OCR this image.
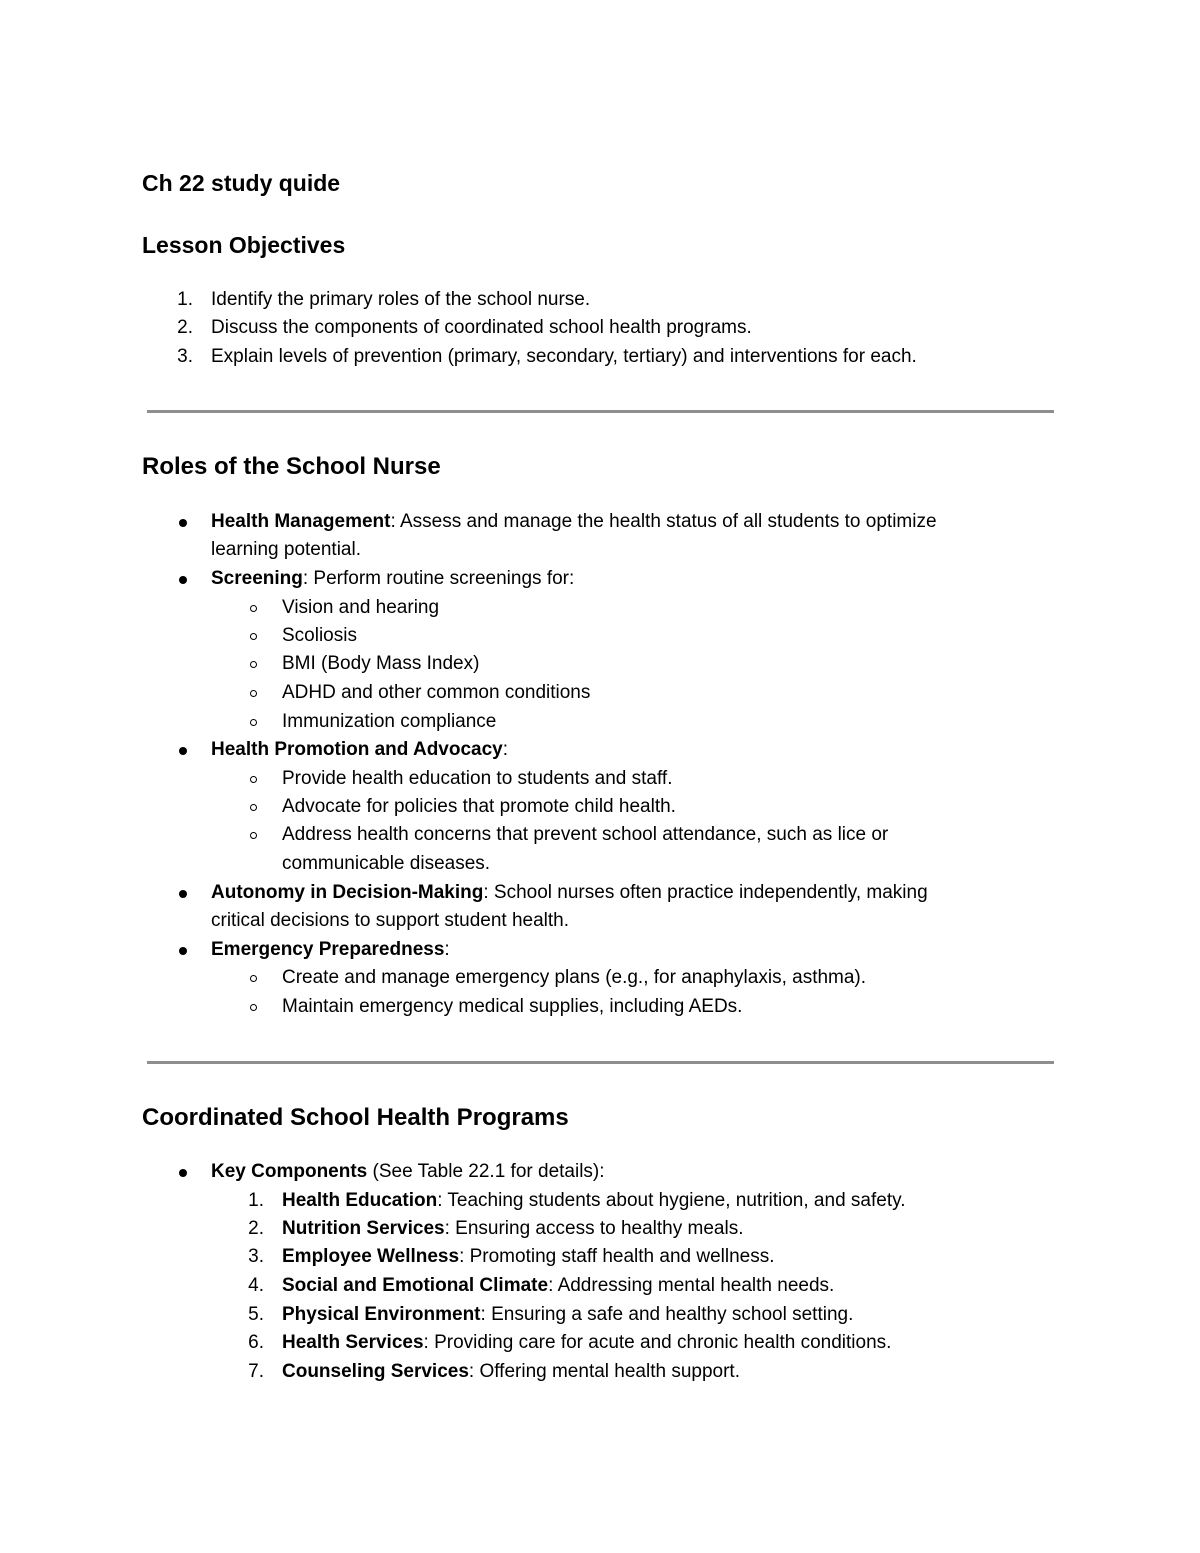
Ch 22 study quide
Lesson Objectives
1. Identify the primary roles of the school nurse.
2. Discuss the components of coordinated school health programs.
3. Explain levels of prevention (primary, secondary, tertiary) and interventions for each.
Roles of the School Nurse
Health Management: Assess and manage the health status of all students to optimize
learning potential.
Screening: Perform routine screenings for:
Vision and hearing
Scoliosis
BMI (Body Mass Index)
ADHD and other common conditions
Immunization compliance
Health Promotion and Advocacy:
Provide health education to students and staff.
Advocate for policies that promote child health.
Address health concerns that prevent school attendance, such as lice or
communicable diseases.
Autonomy in Decision-Making: School nurses often practice independently, making
critical decisions to support student health.
Emergency Preparedness:
Create and manage emergency plans (e.g., for anaphylaxis, asthma).
Maintain emergency medical supplies, including AEDs.
Coordinated School Health Programs
Key Components (See Table 22.1 for details):
1. Health Education: Teaching students about hygiene, nutrition, and safety.
2. Nutrition Services: Ensuring access to healthy meals.
3. Employee Wellness: Promoting staff health and wellness.
4. Social and Emotional Climate: Addressing mental health needs.
5. Physical Environment: Ensuring a safe and healthy school setting.
6. Health Services: Providing care for acute and chronic health conditions.
7. Counseling Services: Offering mental health support.
